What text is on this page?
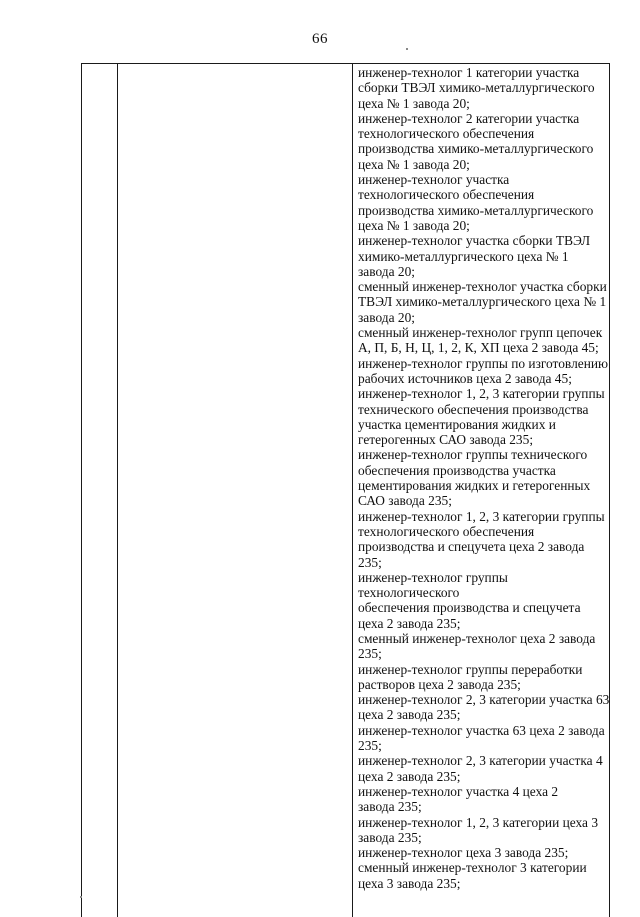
66
инженер-технолог 1 категории участка
сборки ТВЭЛ химико-металлургического
цеха № 1 завода 20;
инженер-технолог 2 категории участка
технологического обеспечения
производства химико-металлургического
цеха № 1 завода 20;
инженер-технолог участка
технологического обеспечения
производства химико-металлургического
цеха № 1 завода 20;
инженер-технолог участка сборки ТВЭЛ
химико-металлургического цеха № 1
завода 20;
сменный инженер-технолог участка сборки
ТВЭЛ химико-металлургического цеха № 1
завода 20;
сменный инженер-технолог групп цепочек
А, П, Б, Н, Ц, 1, 2, К, ХП цеха 2 завода 45;
инженер-технолог группы по изготовлению
рабочих источников цеха 2 завода 45;
инженер-технолог 1, 2, 3 категории группы
технического обеспечения производства
участка цементирования жидких и
гетерогенных САО завода 235;
инженер-технолог группы технического
обеспечения производства участка
цементирования жидких и гетерогенных
САО завода 235;
инженер-технолог 1, 2, 3 категории группы
технологического обеспечения
производства и спецучета цеха 2 завода 235;
инженер-технолог группы технологического
обеспечения производства и спецучета
цеха 2 завода 235;
сменный инженер-технолог цеха 2 завода
235;
инженер-технолог группы переработки
растворов цеха 2 завода 235;
инженер-технолог 2, 3 категории участка 63
цеха 2 завода 235;
инженер-технолог участка 63 цеха 2 завода
235;
инженер-технолог 2, 3 категории участка 4
цеха 2 завода 235;
инженер-технолог участка 4 цеха 2
завода 235;
инженер-технолог 1, 2, 3 категории цеха 3
завода 235;
инженер-технолог цеха 3 завода 235;
сменный инженер-технолог 3 категории
цеха 3 завода 235;
